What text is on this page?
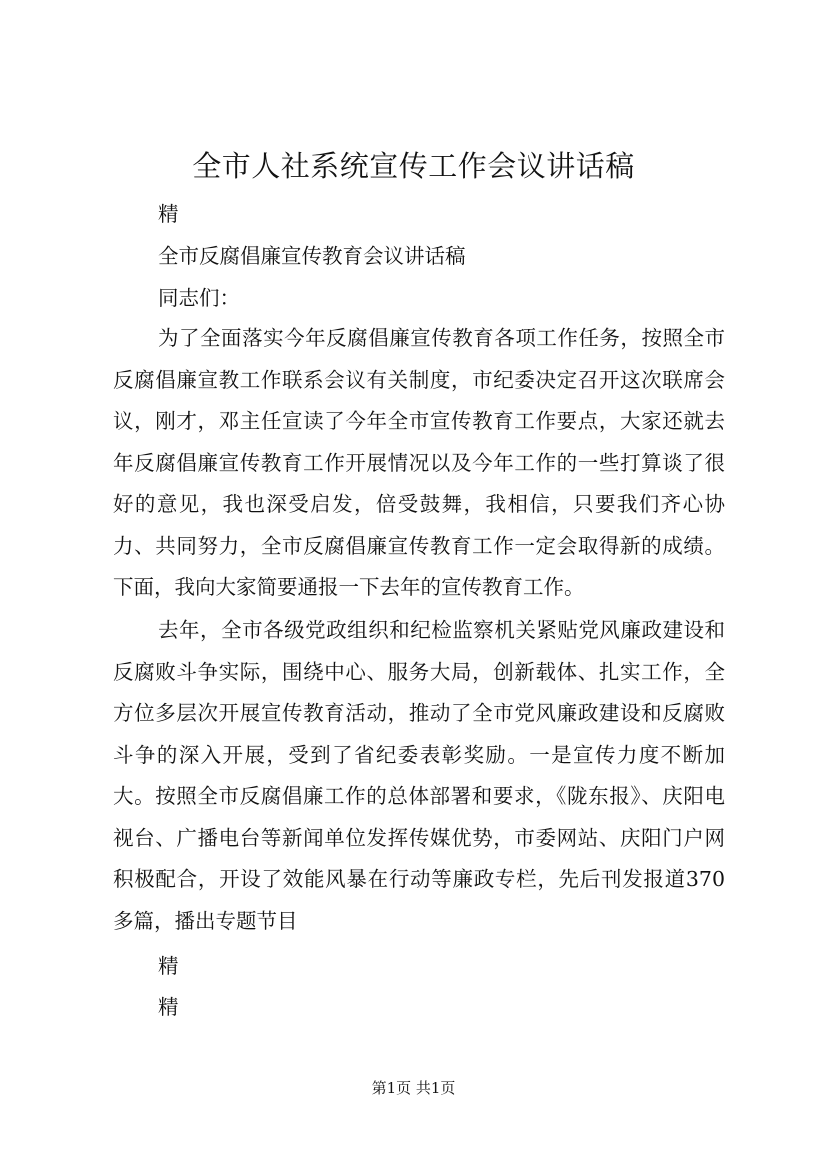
全市人社系统宣传工作会议讲话稿
精
全市反腐倡廉宣传教育会议讲话稿
同志们：
为了全面落实今年反腐倡廉宣传教育各项工作任务，按照全市反腐倡廉宣教工作联系会议有关制度，市纪委决定召开这次联席会议，刚才，邓主任宣读了今年全市宣传教育工作要点，大家还就去年反腐倡廉宣传教育工作开展情况以及今年工作的一些打算谈了很好的意见，我也深受启发，倍受鼓舞，我相信，只要我们齐心协力、共同努力，全市反腐倡廉宣传教育工作一定会取得新的成绩。下面，我向大家简要通报一下去年的宣传教育工作。
去年，全市各级党政组织和纪检监察机关紧贴党风廉政建设和反腐败斗争实际，围绕中心、服务大局，创新载体、扎实工作，全方位多层次开展宣传教育活动，推动了全市党风廉政建设和反腐败斗争的深入开展，受到了省纪委表彰奖励。一是宣传力度不断加大。按照全市反腐倡廉工作的总体部署和要求，《陇东报》、庆阳电视台、广播电台等新闻单位发挥传媒优势，市委网站、庆阳门户网积极配合，开设了效能风暴在行动等廉政专栏，先后刊发报道370多篇，播出专题节目
精
精
第1页 共1页
